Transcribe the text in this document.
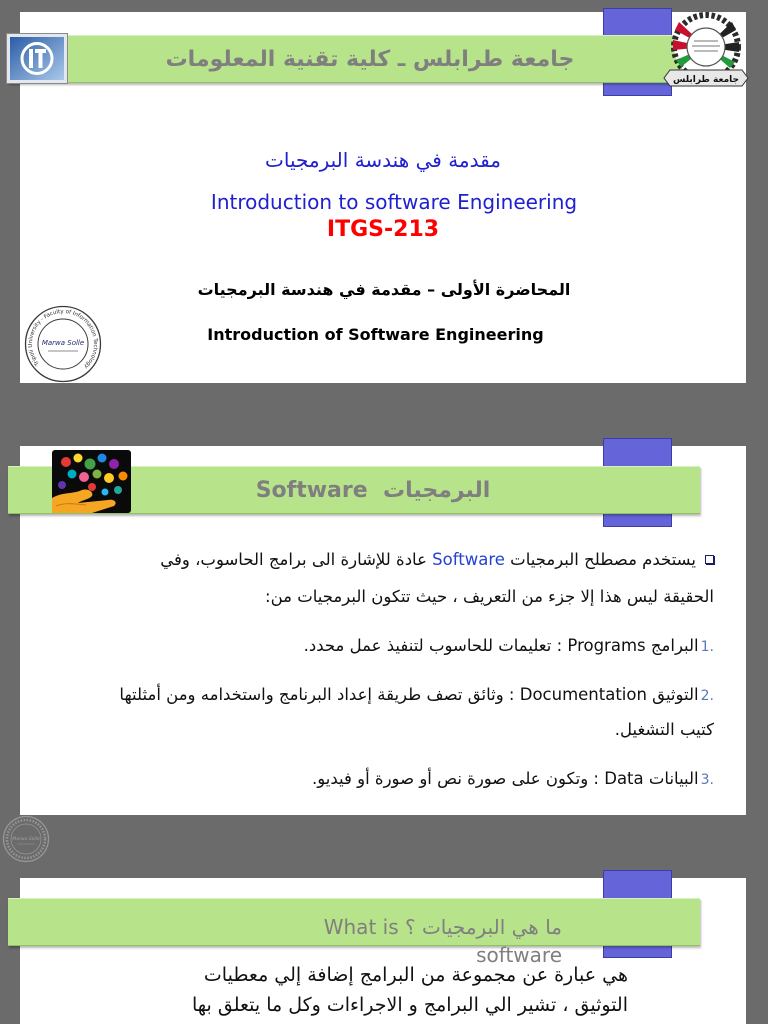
جامعة طرابلس
جامعة طرابلس ـ كلية تقنية المعلومات
مقدمة في هندسة البرمجيات
Introduction to software Engineering
ITGS-213
المحاضرة الأولى – مقدمة في هندسة البرمجيات
Introduction of Software Engineering
Tripoli University - Faculty of Information Technology
Marwa Solle
البرمجيات  Software
يستخدم مصطلح البرمجيات Software عادة للإشارة الى برامج الحاسوب، وفي
الحقيقة ليس هذا إلا جزء من التعريف ، حيث تتكون البرمجيات من:
1.البرامج Programs : تعليمات للحاسوب لتنفيذ عمل محدد.
2.التوثيق Documentation : وثائق تصف طريقة إعداد البرنامج واستخدامه ومن أمثلتها
كتيب التشغيل.
3.البيانات Data : وتكون على صورة نص أو صورة أو فيديو.
Marwa Solle
ما هي البرمجيات ؟ What is software
هي عبارة عن مجموعة من البرامج إضافة إلي معطيات
التوثيق ، تشير الي البرامج و الاجراءات وكل ما يتعلق بها
